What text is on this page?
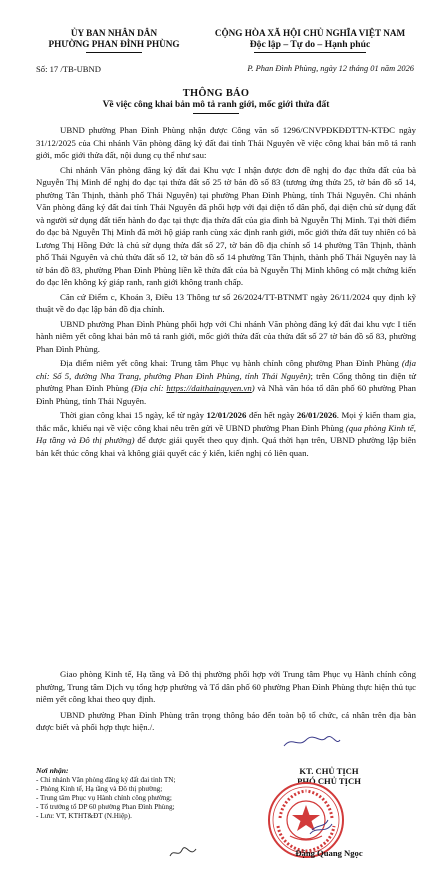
ỦY BAN NHÂN DÂN
PHƯỜNG PHAN ĐÌNH PHÙNG
CỘNG HÒA XÃ HỘI CHỦ NGHĨA VIỆT NAM
Độc lập – Tự do – Hạnh phúc
Số: 17 /TB-UBND	P. Phan Đình Phùng, ngày 12 tháng 01 năm 2026
THÔNG BÁO
Về việc công khai bản mô tả ranh giới, mốc giới thửa đất

UBND phường Phan Đình Phùng nhận được Công văn số 1296/CNVPĐKĐĐTTN-KTĐC ngày 31/12/2025 của Chi nhánh Văn phòng đăng ký đất đai tỉnh Thái Nguyên về việc công khai bản mô tả ranh giới, mốc giới thửa đất, nội dung cụ thể như sau:

Chi nhánh Văn phòng đăng ký đất đai Khu vực I nhận được đơn đề nghị đo đạc thửa đất của bà Nguyễn Thị Minh để nghị đo đạc tại thửa đất số 25 tờ bản đồ số 83 (tương ứng thửa 25, tờ bản đồ số 14, phường Tân Thịnh, thành phố Thái Nguyên) tại phường Phan Đình Phùng, tỉnh Thái Nguyên. Chi nhánh Văn phòng đăng ký đất đai tỉnh Thái Nguyên đã phối hợp với đại diện tổ dân phố, đại diện chủ sử dụng đất và người sử dụng đất tiến hành đo đạc tại thực địa thửa đất của gia đình bà Nguyễn Thị Minh. Tại thời điểm đo đạc bà Nguyễn Thị Minh đã mời hộ giáp ranh cùng xác định ranh giới, mốc giới thửa đất tuy nhiên có bà Lương Thị Hồng Đức là chủ sử dụng thửa đất số 27, tờ bản đồ địa chính số 14 phường Tân Thịnh, thành phố Thái Nguyên và chủ thửa đất số 12, tờ bản đồ số 14 phường Tân Thịnh, thành phố Thái Nguyên nay là tờ bản đồ 83, phường Phan Đình Phùng liền kề thửa đất của bà Nguyễn Thị Minh không có mặt chứng kiến đo đạc lên không ký giáp ranh, ranh giới không tranh chấp.

Căn cứ Điểm c, Khoản 3, Điều 13 Thông tư số 26/2024/TT-BTNMT ngày 26/11/2024 quy định kỹ thuật về đo đạc lập bản đồ địa chính.

UBND phường Phan Đình Phùng phối hợp với Chi nhánh Văn phòng đăng ký đất đai khu vực I tiến hành niêm yết công khai bản mô tả ranh giới, mốc giới thửa đất của thửa đất số 27 tờ bản đồ số 83, phường Phan Đình Phùng.

Địa điểm niêm yết công khai: Trung tâm Phục vụ hành chính công phường Phan Đình Phùng (địa chỉ: Số 5, đường Nha Trang, phường Phan Đình Phùng, tỉnh Thái Nguyên); trên Cổng thông tin điện tử phường Phan Đình Phùng (Địa chỉ: https://daithainguyen.vn) và Nhà văn hóa tổ dân phố 60 phường Phan Đình Phùng, tỉnh Thái Nguyên.

Thời gian công khai 15 ngày, kể từ ngày 12/01/2026 đến hết ngày 26/01/2026. Mọi ý kiến tham gia, thắc mắc, khiếu nại về việc công khai nêu trên gửi về UBND phường Phan Đình Phùng (qua phòng Kinh tế, Hạ tầng và Đô thị phường) để được giải quyết theo quy định. Quá thời hạn trên, UBND phường lập biên bản kết thúc công khai và không giải quyết các ý kiến, kiến nghị có liên quan.

Giao phòng Kinh tế, Hạ tầng và Đô thị phường phối hợp với Trung tâm Phục vụ Hành chính công phường, Trung tâm Dịch vụ tổng hợp phường và Tổ dân phố 60 phường Phan Đình Phùng thực hiện thủ tục niêm yết công khai theo quy định.

UBND phường Phan Đình Phùng trân trọng thông báo đến toàn bộ tổ chức, cá nhân trên địa bàn được biết và phối hợp thực hiện./.

Nơi nhận:
- Chi nhánh Văn phòng đăng ký đất đai tỉnh TN;
- Phòng Kinh tế, Hạ tầng và Đô thị phường;
- Trung tâm Phục vụ Hành chính công phường;
- Tổ trưởng tổ DP 60 phường Phan Đình Phùng;
- Lưu: VT, KTHT&ĐT (N.Hiệp).
KT. CHỦ TỊCH
PHÓ CHỦ TỊCH
Đặng Quang Ngọc
